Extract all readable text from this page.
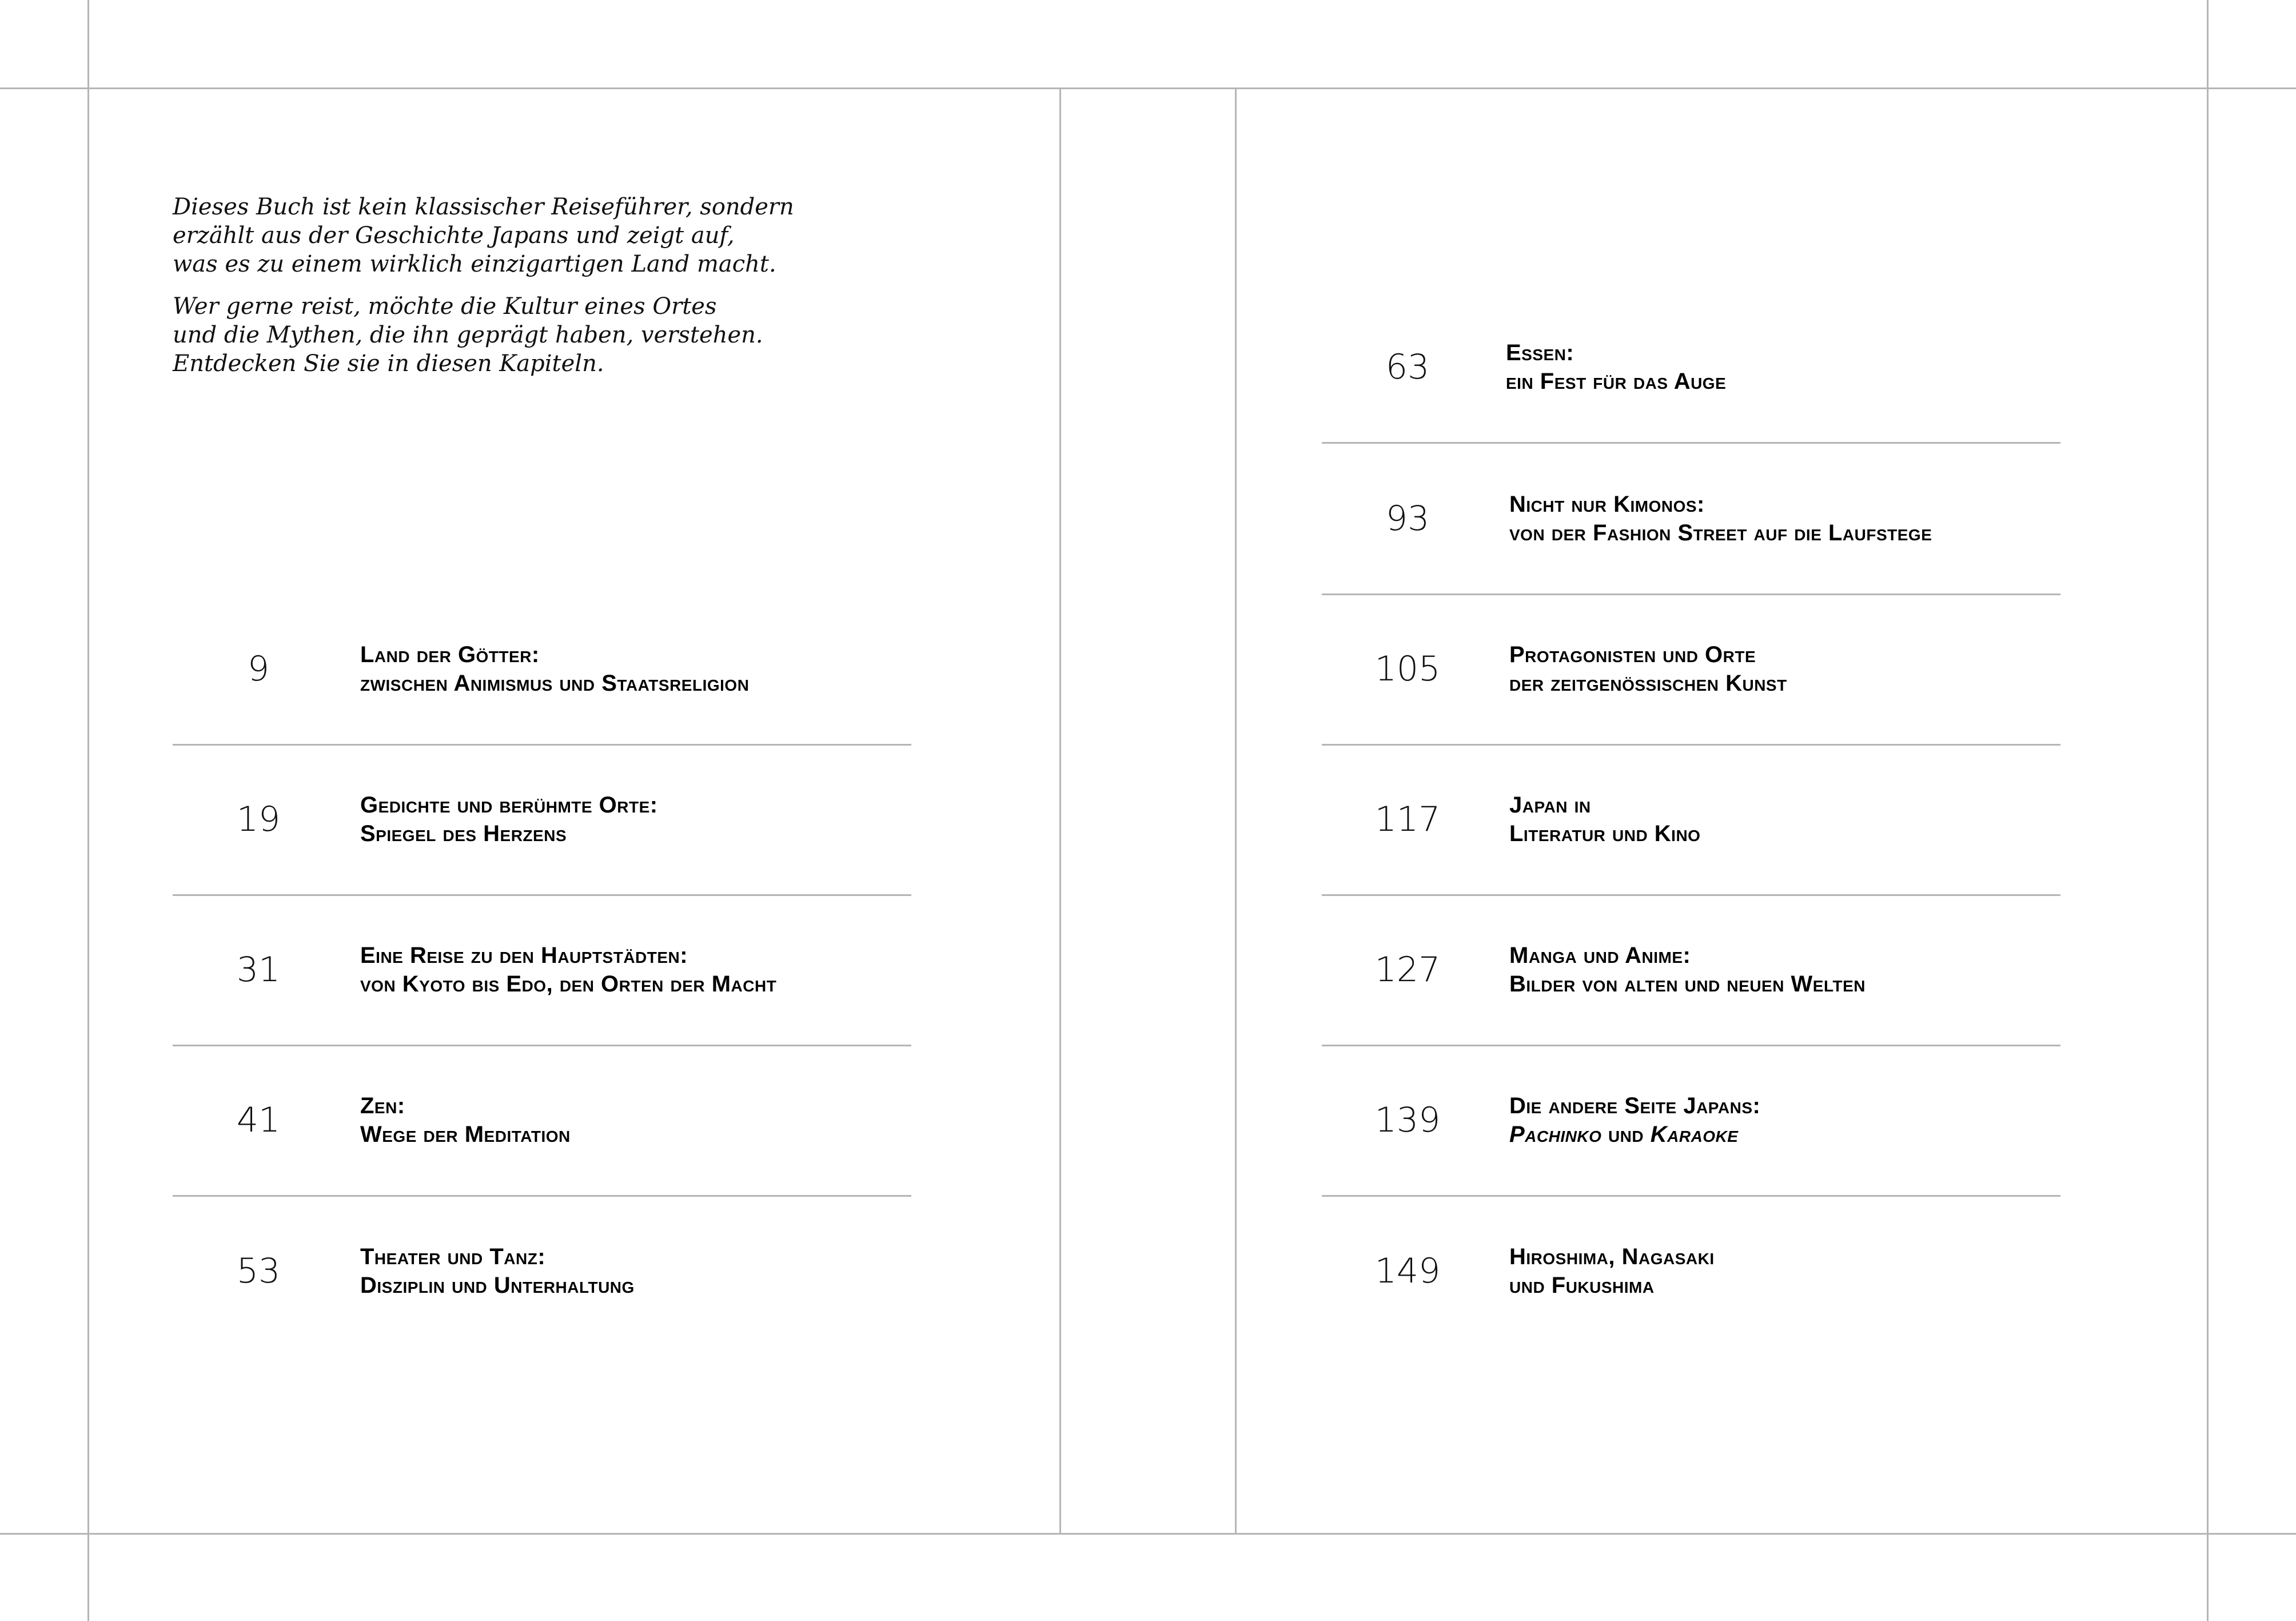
Dieses Buch ist kein klassischer Reiseführer, sondern
erzählt aus der Geschichte Japans und zeigt auf,
was es zu einem wirklich einzigartigen Land macht.

Wer gerne reist, möchte die Kultur eines Ortes
und die Mythen, die ihn geprägt haben, verstehen.
Entdecken Sie sie in diesen Kapiteln.

9	Land der Götter:
zwischen Animismus und Staatsreligion
19	Gedichte und berühmte Orte:
Spiegel des Herzens
31	Eine Reise zu den Hauptstädten:
von Kyoto bis Edo, den Orten der Macht
41	Zen:
Wege der Meditation
53	Theater und Tanz:
Disziplin und Unterhaltung
63	Essen:
ein Fest für das Auge
93	Nicht nur Kimonos:
von der Fashion Street auf die Laufstege
105	Protagonisten und Orte
der zeitgenössischen Kunst
117	Japan in
Literatur und Kino
127	Manga und Anime:
Bilder von alten und neuen Welten
139	Die andere Seite Japans:
Pachinko und Karaoke
149	Hiroshima, Nagasaki
und Fukushima
